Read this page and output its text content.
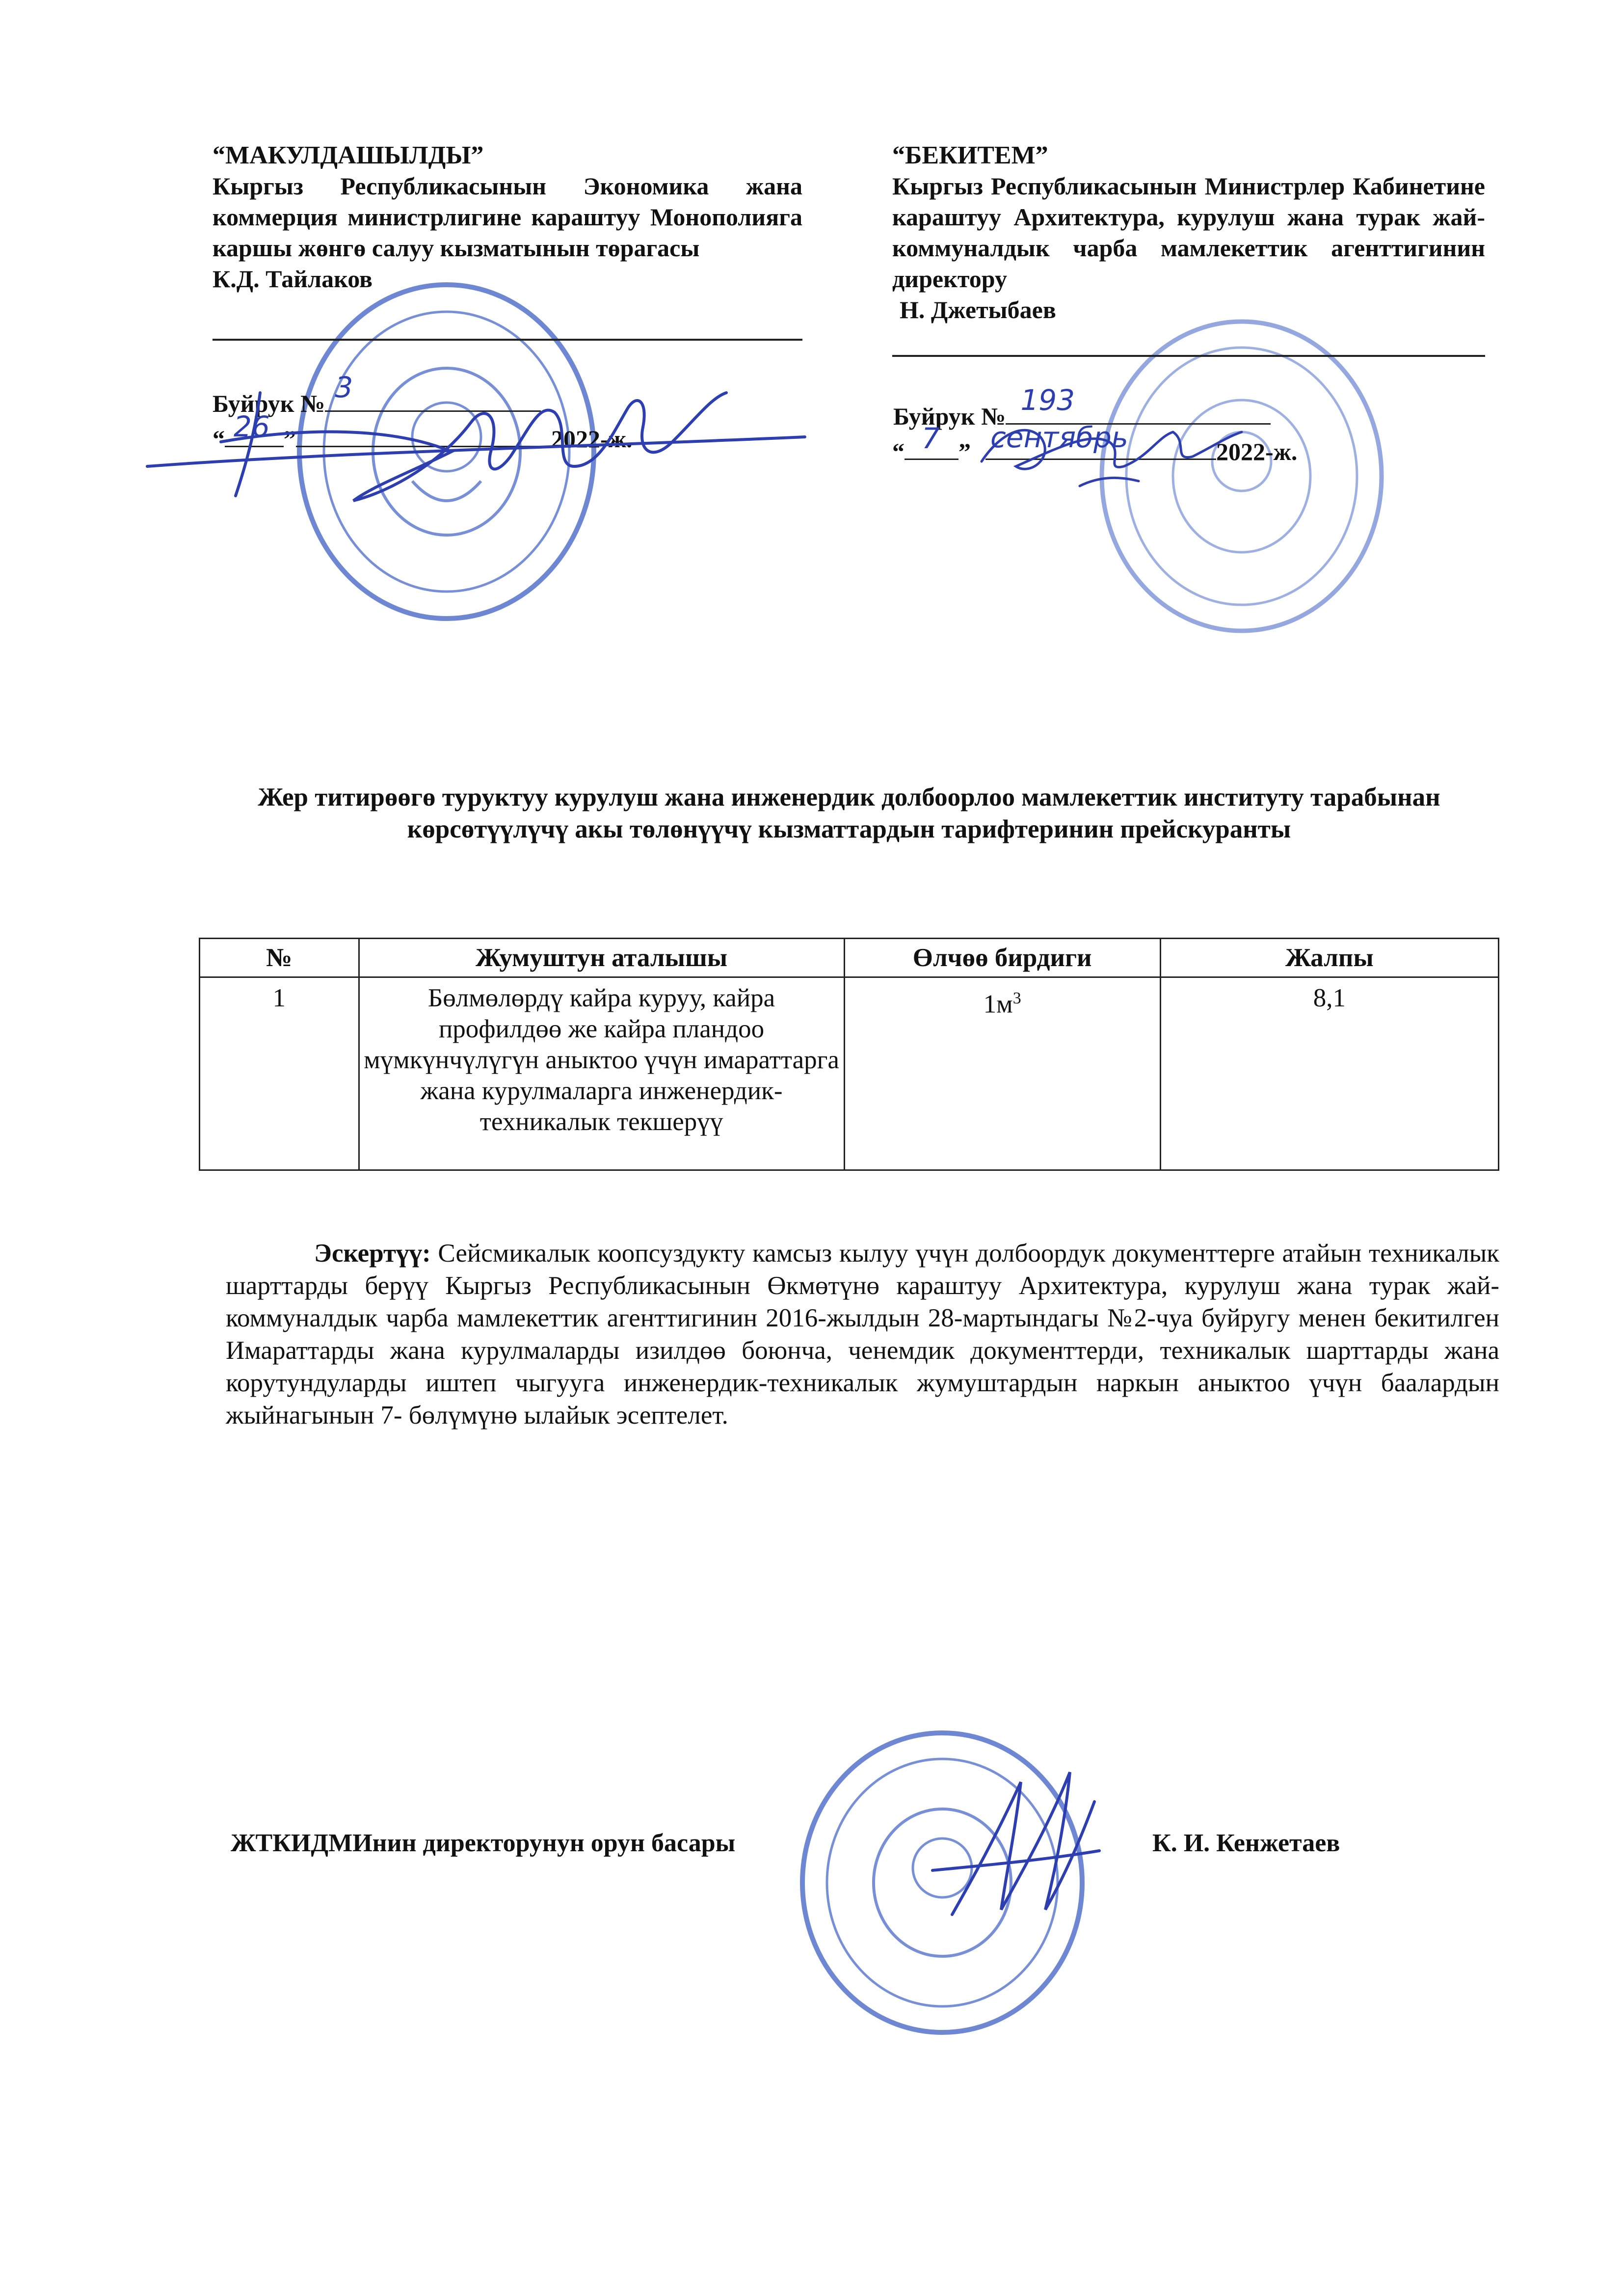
“МАКУЛДАШЫЛДЫ”
Кыргыз Республикасынын Экономика жана коммерция министрлигине караштуу Монополияга каршы жөнгө салуу кызматынын төрагасы
К.Д. Тайлаков
Буйрук № 3
“ 26 ”	2022-ж.
“БЕКИТЕМ”
Кыргыз Республикасынын Министрлер Кабинетине караштуу Архитектура, курулуш жана турак жай-коммуналдык чарба мамлекеттик агенттигинин директору
Н. Джетыбаев
Буйрук № 193
“ 7 ” сентябрь	2022-ж.
Жер титирөөгө туруктуу курулуш жана инженердик долбоорлоо мамлекеттик институту тарабынан көрсөтүүлүчү акы төлөнүүчү кызматтардын тарифтеринин прейскуранты
№	Жумуштун аталышы	Өлчөө бирдиги	Жалпы
1	Бөлмөлөрдү кайра куруу, кайра профилдөө же кайра пландоо мүмкүнчүлүгүн аныктоо үчүн имараттарга жана курулмаларга инженердик-техникалык текшерүү	$1м^3$	8,1
Эскертүү: Сейсмикалык коопсуздукту камсыз кылуу үчүн долбоордук документтерге атайын техникалык шарттарды берүү Кыргыз Республикасынын Өкмөтүнө караштуу Архитектура, курулуш жана турак жай-коммуналдык чарба мамлекеттик агенттигинин 2016-жылдын 28-мартындагы №2-чуа буйругу менен бекитилген Имараттарды жана курулмаларды изилдөө боюнча, ченемдик документтерди, техникалык шарттарды жана корутундуларды иштеп чыгууга инженердик-техникалык жумуштардын наркын аныктоо үчүн баалардын жыйнагынын 7- бөлүмүнө ылайык эсептелет.
ЖТКИДМИнин директорунун орун басары	К. И. Кенжетаев
